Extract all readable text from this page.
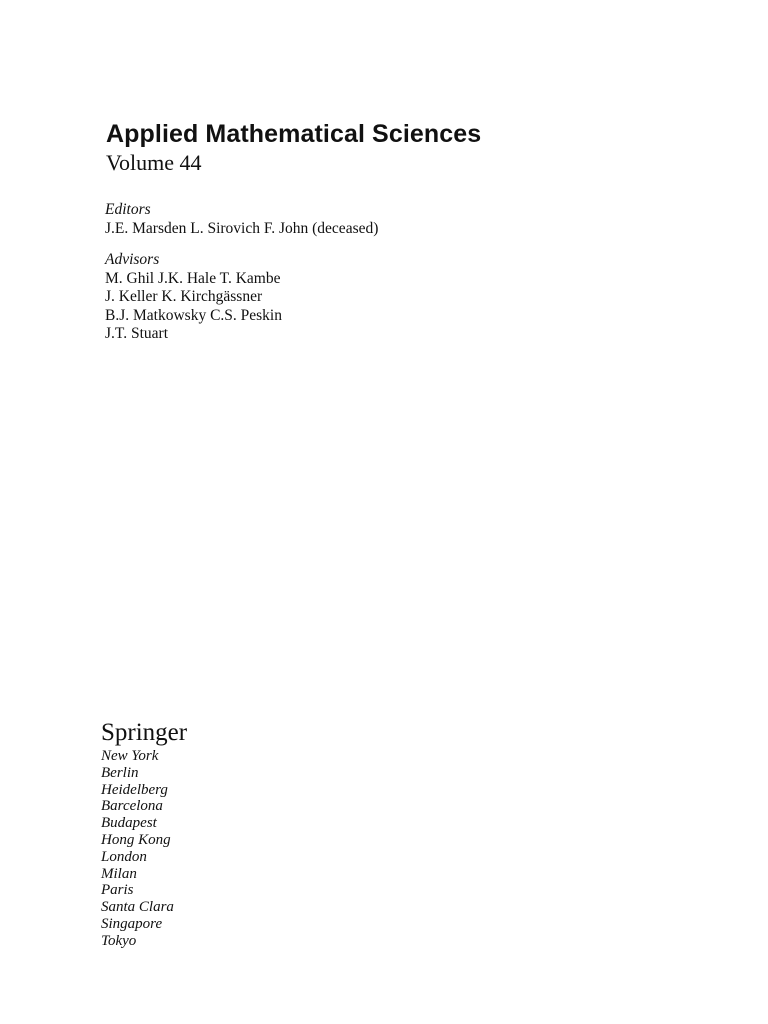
Applied Mathematical Sciences
Volume 44
Editors
J.E. Marsden L. Sirovich F. John (deceased)
Advisors
M. Ghil J.K. Hale T. Kambe
J. Keller K. Kirchgässner
B.J. Matkowsky C.S. Peskin
J.T. Stuart
Springer
New York
Berlin
Heidelberg
Barcelona
Budapest
Hong Kong
London
Milan
Paris
Santa Clara
Singapore
Tokyo
